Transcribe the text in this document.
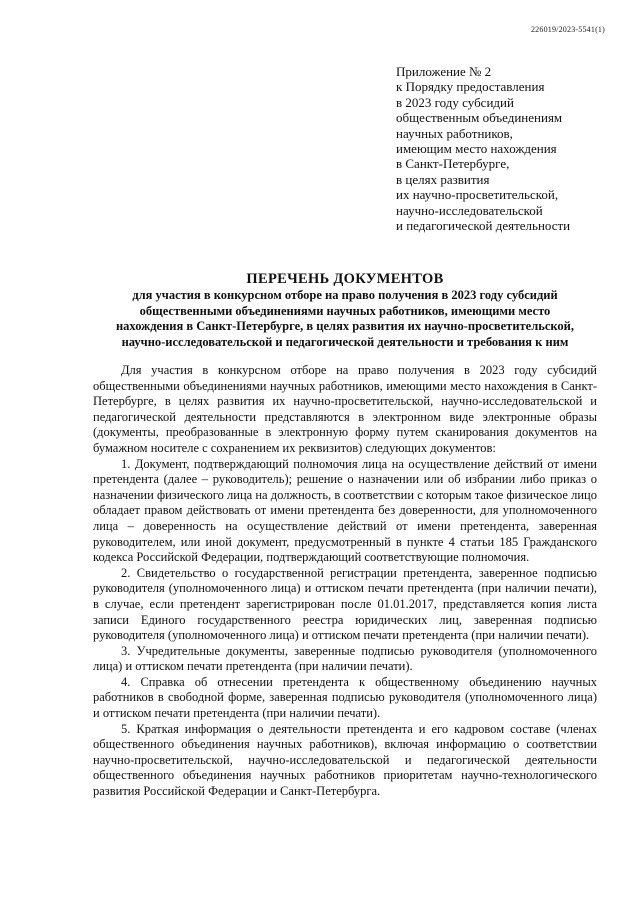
226019/2023-5541(1)
Приложение № 2
к Порядку предоставления
в 2023 году субсидий
общественным объединениям
научных работников,
имеющим место нахождения
в Санкт-Петербурге,
в целях развития
их научно-просветительской,
научно-исследовательской
и педагогической деятельности
ПЕРЕЧЕНЬ ДОКУМЕНТОВ
для участия в конкурсном отборе на право получения в 2023 году субсидий
общественными объединениями научных работников, имеющими место
нахождения в Санкт-Петербурге, в целях развития их научно-просветительской,
научно-исследовательской и педагогической деятельности и требования к ним

Для участия в конкурсном отборе на право получения в 2023 году субсидий общественными объединениями научных работников, имеющими место нахождения в Санкт-Петербурге, в целях развития их научно-просветительской, научно-исследовательской и педагогической деятельности представляются в электронном виде электронные образы (документы, преобразованные в электронную форму путем сканирования документов на бумажном носителе с сохранением их реквизитов) следующих документов:

1. Документ, подтверждающий полномочия лица на осуществление действий от имени претендента (далее – руководитель); решение о назначении или об избрании либо приказ о назначении физического лица на должность, в соответствии с которым такое физическое лицо обладает правом действовать от имени претендента без доверенности, для уполномоченного лица – доверенность на осуществление действий от имени претендента, заверенная руководителем, или иной документ, предусмотренный в пункте 4 статьи 185 Гражданского кодекса Российской Федерации, подтверждающий соответствующие полномочия.

2. Свидетельство о государственной регистрации претендента, заверенное подписью руководителя (уполномоченного лица) и оттиском печати претендента (при наличии печати), в случае, если претендент зарегистрирован после 01.01.2017, представляется копия листа записи Единого государственного реестра юридических лиц, заверенная подписью руководителя (уполномоченного лица) и оттиском печати претендента (при наличии печати).

3. Учредительные документы, заверенные подписью руководителя (уполномоченного лица) и оттиском печати претендента (при наличии печати).

4. Справка об отнесении претендента к общественному объединению научных работников в свободной форме, заверенная подписью руководителя (уполномоченного лица) и оттиском печати претендента (при наличии печати).

5. Краткая информация о деятельности претендента и его кадровом составе (членах общественного объединения научных работников), включая информацию о соответствии научно-просветительской, научно-исследовательской и педагогической деятельности общественного объединения научных работников приоритетам научно-технологического развития Российской Федерации и Санкт-Петербурга.
